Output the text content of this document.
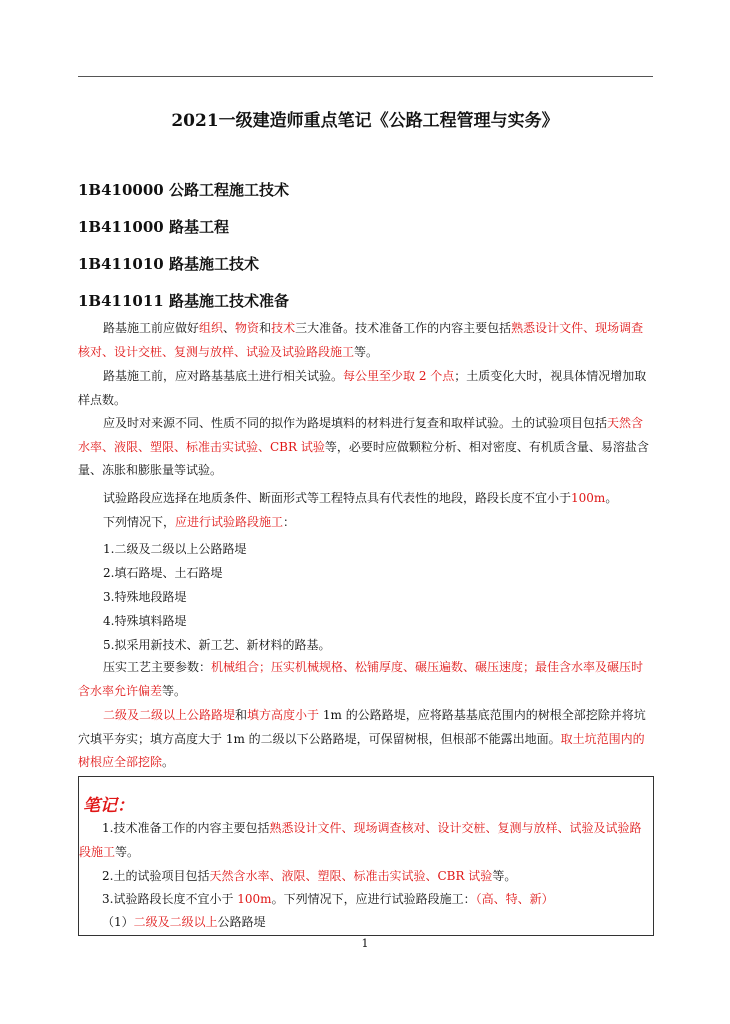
2021一级建造师重点笔记《公路工程管理与实务》
1B410000 公路工程施工技术
1B411000 路基工程
1B411010 路基施工技术
1B411011 路基施工技术准备

路基施工前应做好组织、物资和技术三大准备。技术准备工作的内容主要包括熟悉设计文件、现场调查核对、设计交桩、复测与放样、试验及试验路段施工等。

路基施工前，应对路基基底土进行相关试验。每公里至少取 2 个点；土质变化大时，视具体情况增加取样点数。

应及时对来源不同、性质不同的拟作为路堤填料的材料进行复查和取样试验。土的试验项目包括天然含水率、液限、塑限、标准击实试验、CBR 试验等，必要时应做颗粒分析、相对密度、有机质含量、易溶盐含量、冻胀和膨胀量等试验。

试验路段应选择在地质条件、断面形式等工程特点具有代表性的地段，路段长度不宜小于100m。

下列情况下，应进行试验路段施工：

1.二级及二级以上公路路堤
2.填石路堤、土石路堤
3.特殊地段路堤
4.特殊填料路堤
5.拟采用新技术、新工艺、新材料的路基。

压实工艺主要参数：机械组合；压实机械规格、松铺厚度、碾压遍数、碾压速度；最佳含水率及碾压时含水率允许偏差等。

二级及二级以上公路路堤和填方高度小于 1m 的公路路堤，应将路基基底范围内的树根全部挖除并将坑穴填平夯实；填方高度大于 1m 的二级以下公路路堤，可保留树根，但根部不能露出地面。取土坑范围内的树根应全部挖除。

笔记：

1.技术准备工作的内容主要包括熟悉设计文件、现场调查核对、设计交桩、复测与放样、试验及试验路段施工等。

2.土的试验项目包括天然含水率、液限、塑限、标准击实试验、CBR 试验等。

3.试验路段长度不宜小于 100m。下列情况下，应进行试验路段施工：（高、特、新）

（1）二级及二级以上公路路堤

1
